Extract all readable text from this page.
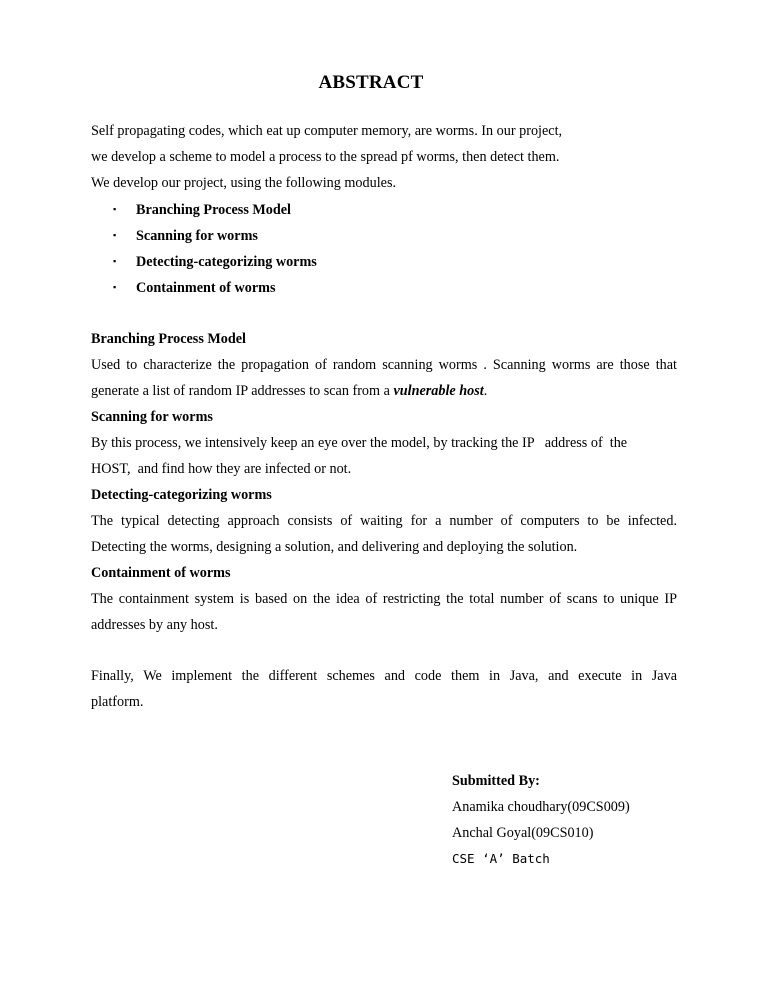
ABSTRACT
Self propagating codes, which eat up computer memory, are worms. In our project,
we develop a scheme to model a process to the spread pf worms, then detect them.
We develop our project, using the following modules.
▪ Branching Process Model
▪ Scanning for worms
▪ Detecting-categorizing worms
▪ Containment of worms
Branching Process Model
Used to characterize the propagation of random scanning worms . Scanning worms are those that
generate a list of random IP addresses to scan from a vulnerable host.
Scanning for worms
By this process, we intensively keep an eye over the model, by tracking the IP   address of  the
HOST,  and find how they are infected or not.
Detecting-categorizing worms
The typical detecting approach consists of waiting for a number of computers to be infected.
Detecting the worms, designing a solution, and delivering and deploying the solution.
Containment of worms
The containment system is based on the idea of restricting the total number of scans to unique IP
addresses by any host.
Finally, We implement the different schemes and code them in Java, and execute in Java
platform.
Submitted By:
Anamika choudhary(09CS009)
Anchal Goyal(09CS010)
CSE ‘A’ Batch
